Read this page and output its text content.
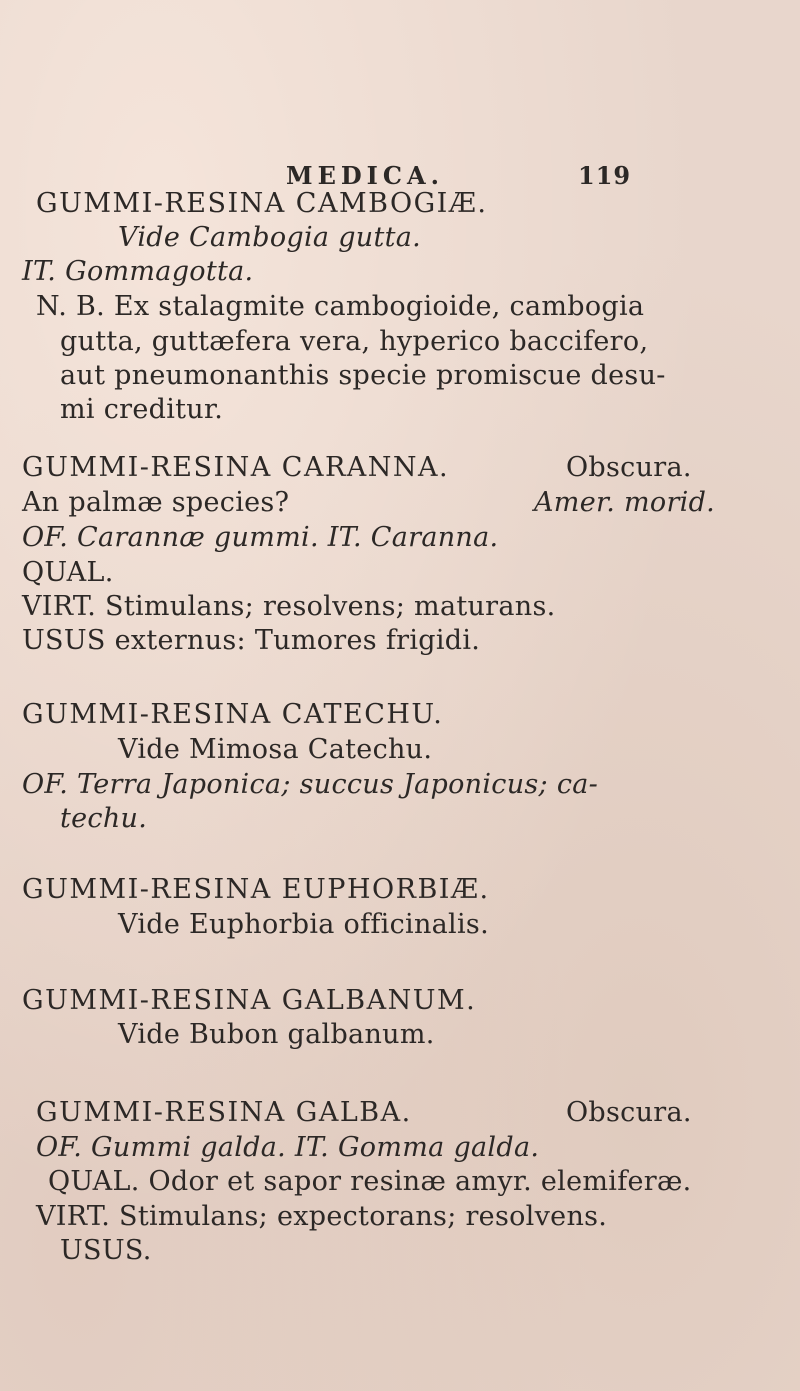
MEDICA.	119
GUMMI-RESINA CAMBOGIÆ.
Vide Cambogia gutta.
IT. Gommagotta.
N. B. Ex stalagmite cambogioide, cambogia
gutta, guttæfera vera, hyperico baccifero,
aut pneumonanthis specie promiscue desu-
mi creditur.
GUMMI-RESINA CARANNA.	Obscura.
An palmæ species?	Amer. morid.
OF. Carannæ gummi. IT. Caranna.
QUAL.
VIRT. Stimulans; resolvens; maturans.
USUS externus: Tumores frigidi.
GUMMI-RESINA CATECHU.
Vide Mimosa Catechu.
OF. Terra Japonica; succus Japonicus; ca-
techu.
GUMMI-RESINA EUPHORBIÆ.
Vide Euphorbia officinalis.
GUMMI-RESINA GALBANUM.
Vide Bubon galbanum.
GUMMI-RESINA GALBA.	Obscura.
OF. Gummi galda. IT. Gomma galda.
QUAL. Odor et sapor resinæ amyr. elemiferæ.
VIRT. Stimulans; expectorans; resolvens.
USUS.
